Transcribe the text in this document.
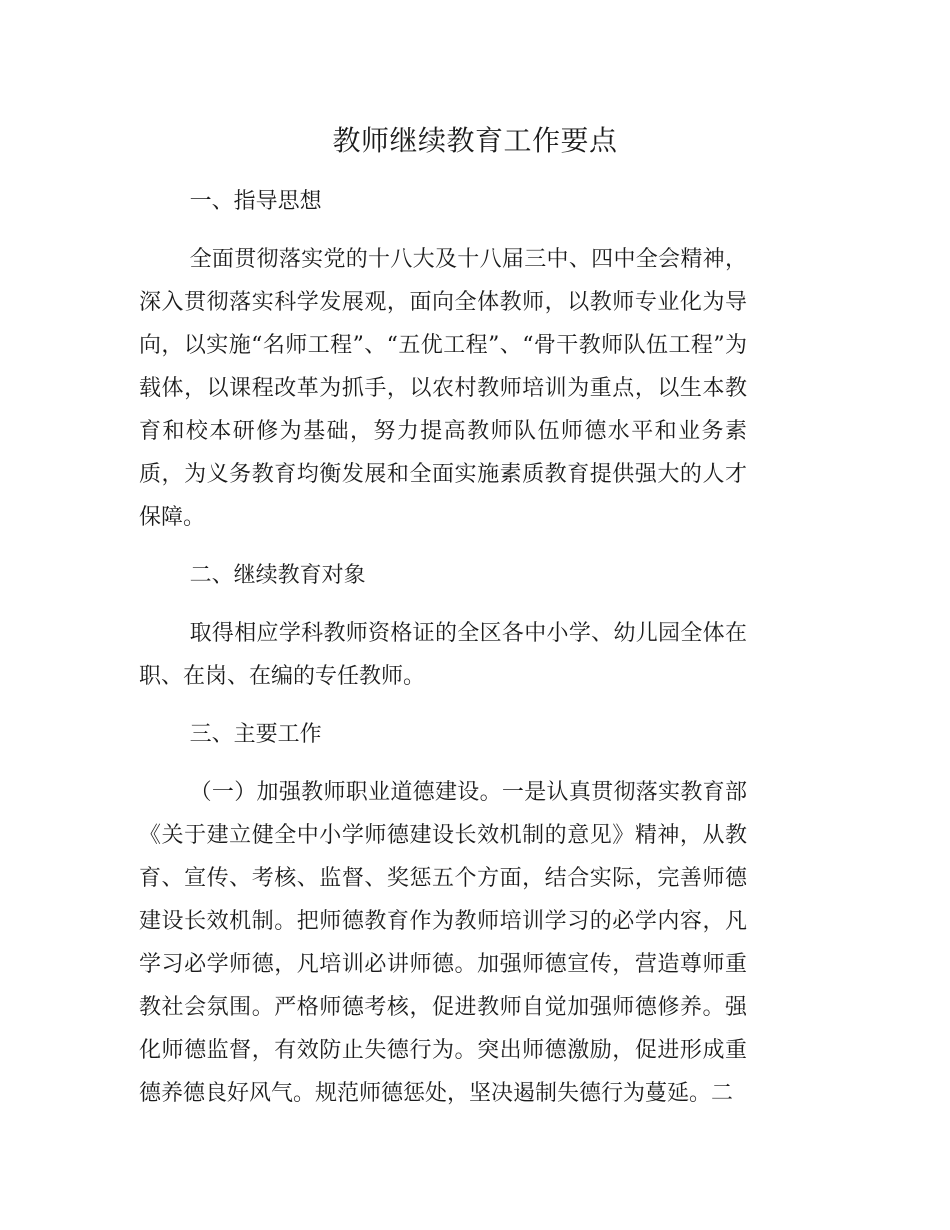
教师继续教育工作要点

一、指导思想

全面贯彻落实党的十八大及十八届三中、四中全会精神，深入贯彻落实科学发展观，面向全体教师，以教师专业化为导向，以实施“名师工程”、“五优工程”、“骨干教师队伍工程”为载体，以课程改革为抓手，以农村教师培训为重点，以生本教育和校本研修为基础，努力提高教师队伍师德水平和业务素质，为义务教育均衡发展和全面实施素质教育提供强大的人才保障。

二、继续教育对象

取得相应学科教师资格证的全区各中小学、幼儿园全体在职、在岗、在编的专任教师。

三、主要工作

（一）加强教师职业道德建设。一是认真贯彻落实教育部《关于建立健全中小学师德建设长效机制的意见》精神，从教育、宣传、考核、监督、奖惩五个方面，结合实际，完善师德建设长效机制。把师德教育作为教师培训学习的必学内容，凡学习必学师德，凡培训必讲师德。加强师德宣传，营造尊师重教社会氛围。严格师德考核，促进教师自觉加强师德修养。强化师德监督，有效防止失德行为。突出师德激励，促进形成重德养德良好风气。规范师德惩处，坚决遏制失德行为蔓延。二
